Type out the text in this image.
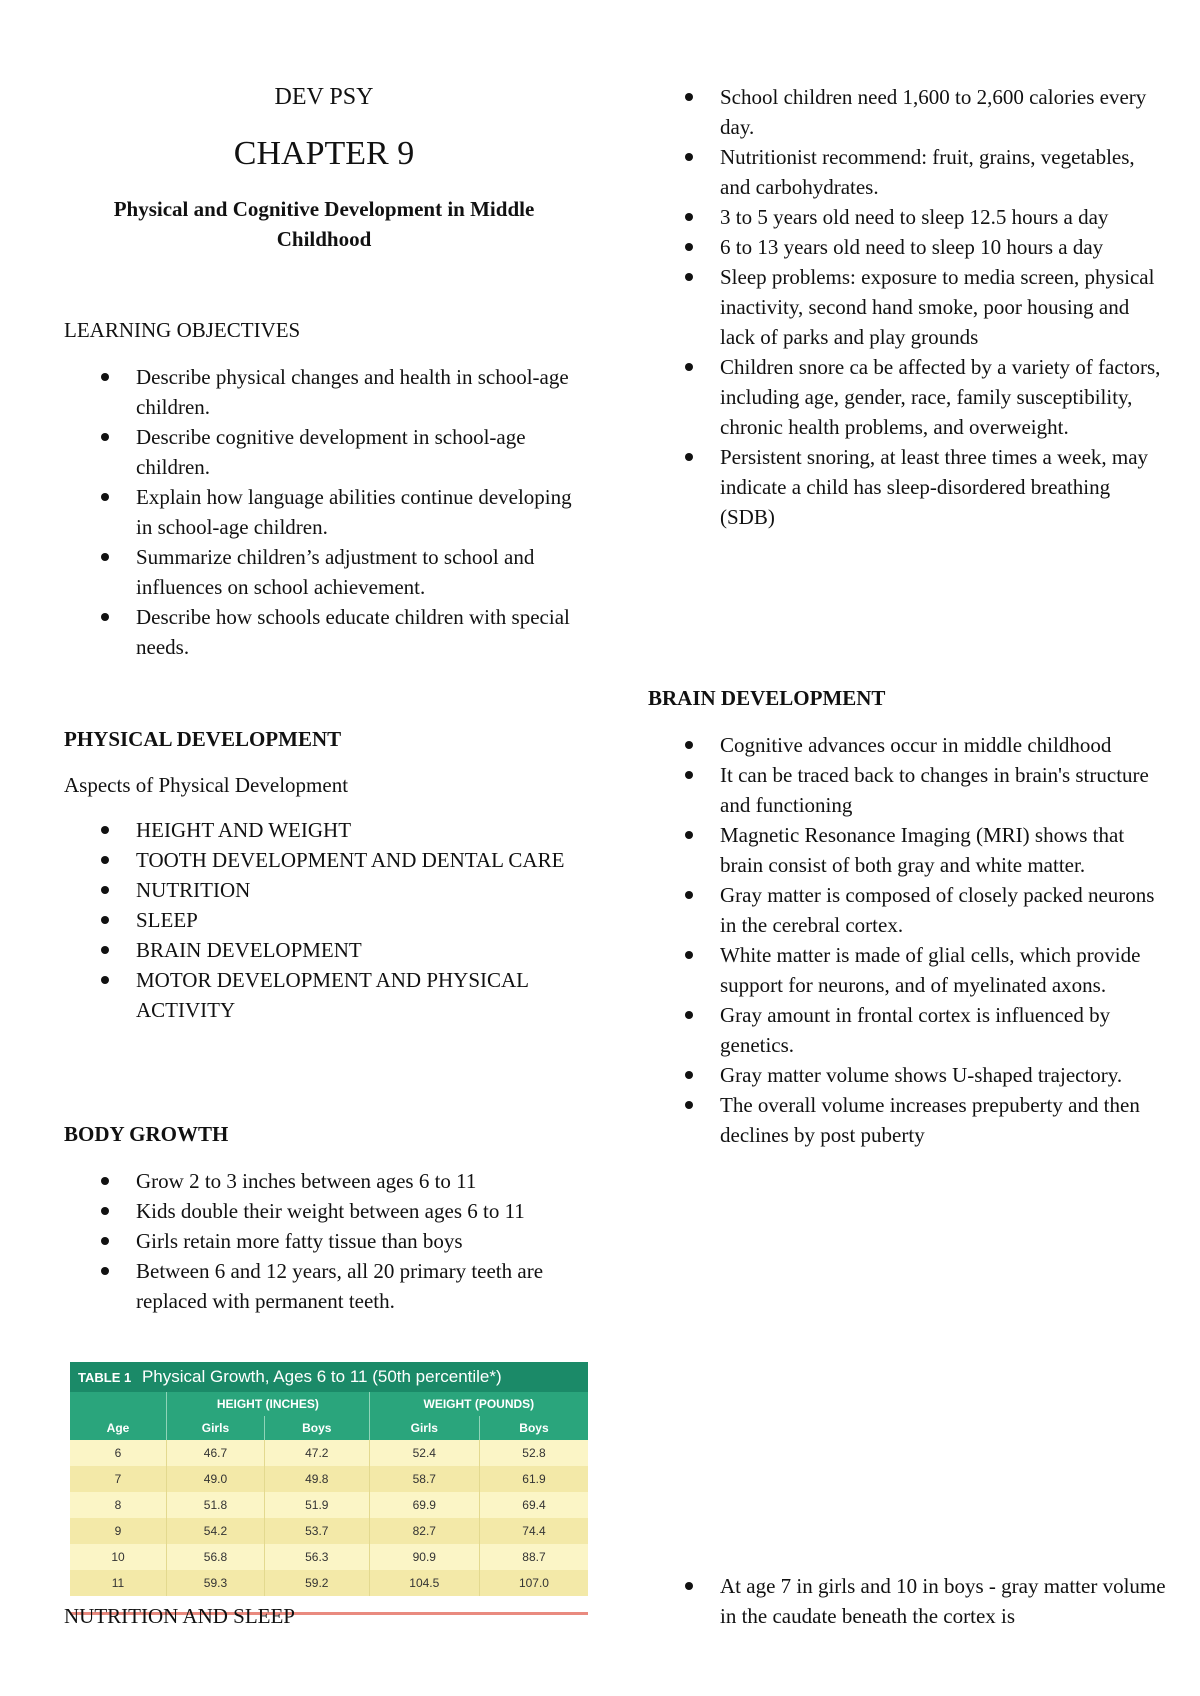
DEV PSY
CHAPTER 9
Physical and Cognitive Development in Middle Childhood
LEARNING OBJECTIVES
Describe physical changes and health in school-age children.
Describe cognitive development in school-age children.
Explain how language abilities continue developing in school-age children.
Summarize children’s adjustment to school and influences on school achievement.
Describe how schools educate children with special needs.
PHYSICAL DEVELOPMENT
Aspects of Physical Development
HEIGHT AND WEIGHT
TOOTH DEVELOPMENT AND DENTAL CARE
NUTRITION
SLEEP
BRAIN DEVELOPMENT
MOTOR DEVELOPMENT AND PHYSICAL ACTIVITY
BODY GROWTH
Grow 2 to 3 inches between ages 6 to 11
Kids double their weight between ages 6 to 11
Girls retain more fatty tissue than boys
Between 6 and 12 years, all 20 primary teeth are replaced with permanent teeth.
TABLE 1 Physical Growth, Ages 6 to 11 (50th percentile*)				
	HEIGHT (INCHES)		WEIGHT (POUNDS)	
Age	Girls	Boys	Girls	Boys
6	46.7	47.2	52.4	52.8
7	49.0	49.8	58.7	61.9
8	51.8	51.9	69.9	69.4
9	54.2	53.7	82.7	74.4
10	56.8	56.3	90.9	88.7
11	59.3	59.2	104.5	107.0
NUTRITION AND SLEEP
School children need 1,600 to 2,600 calories every day.
Nutritionist recommend: fruit, grains, vegetables, and carbohydrates.
3 to 5 years old need to sleep 12.5 hours a day
6 to 13 years old need to sleep 10 hours a day
Sleep problems: exposure to media screen, physical inactivity, second hand smoke, poor housing and lack of parks and play grounds
Children snore ca be affected by a variety of factors, including age, gender, race, family susceptibility, chronic health problems, and overweight.
Persistent snoring, at least three times a week, may indicate a child has sleep-disordered breathing (SDB)
BRAIN DEVELOPMENT
Cognitive advances occur in middle childhood
It can be traced back to changes in brain's structure and functioning
Magnetic Resonance Imaging (MRI) shows that brain consist of both gray and white matter.
Gray matter is composed of closely packed neurons in the cerebral cortex.
White matter is made of glial cells, which provide support for neurons, and of myelinated axons.
Gray amount in frontal cortex is influenced by genetics.
Gray matter volume shows U-shaped trajectory.
The overall volume increases prepuberty and then declines by post puberty
At age 7 in girls and 10 in boys - gray matter volume in the caudate beneath the cortex is
